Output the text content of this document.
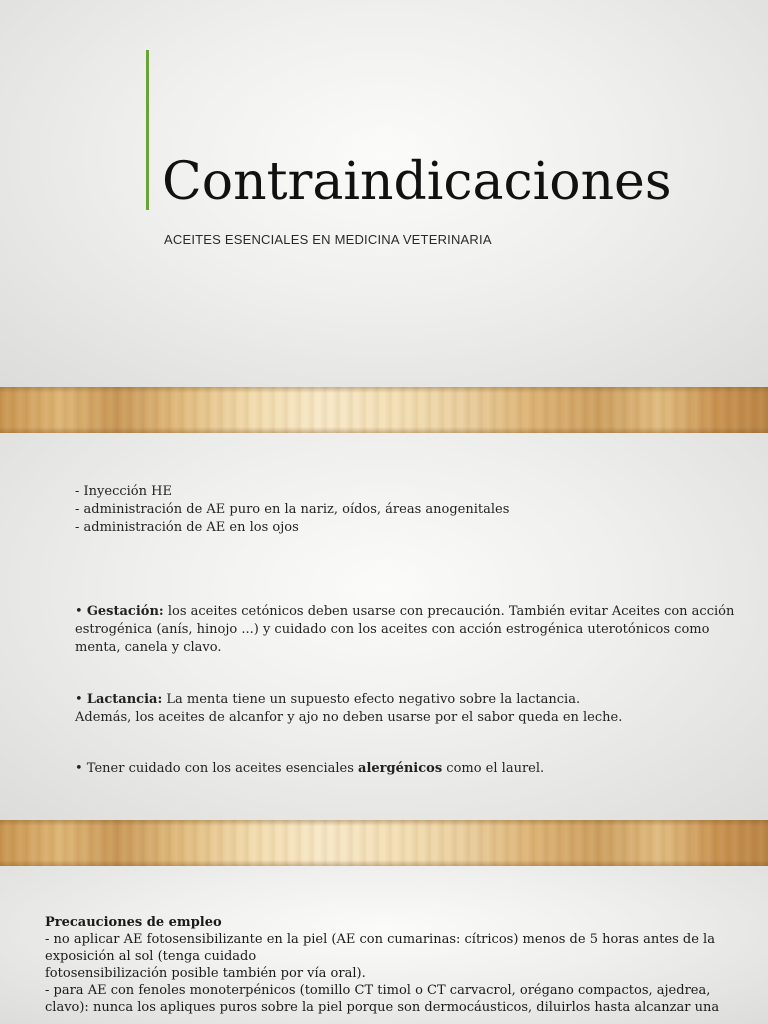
Contraindicaciones
ACEITES ESENCIALES EN MEDICINA VETERINARIA
- Inyección HE
- administración de AE puro en la nariz, oídos, áreas anogenitales
- administración de AE en los ojos
• Gestación: los aceites cetónicos deben usarse con precaución. También evitar Aceites con acción
estrogénica (anís, hinojo ...) y cuidado con los aceites con acción estrogénica uterotónicos como
menta, canela y clavo.
• Lactancia: La menta tiene un supuesto efecto negativo sobre la lactancia.
Además, los aceites de alcanfor y ajo no deben usarse por el sabor queda en leche.
• Tener cuidado con los aceites esenciales alergénicos como el laurel.
Precauciones de empleo
- no aplicar AE fotosensibilizante en la piel (AE con cumarinas: cítricos) menos de 5 horas antes de la
exposición al sol (tenga cuidado
fotosensibilización posible también por vía oral).
- para AE con fenoles monoterpénicos (tomillo CT timol o CT carvacrol, orégano compactos, ajedrea,
clavo): nunca los apliques puros sobre la piel porque son dermocáusticos, diluirlos hasta alcanzar una
